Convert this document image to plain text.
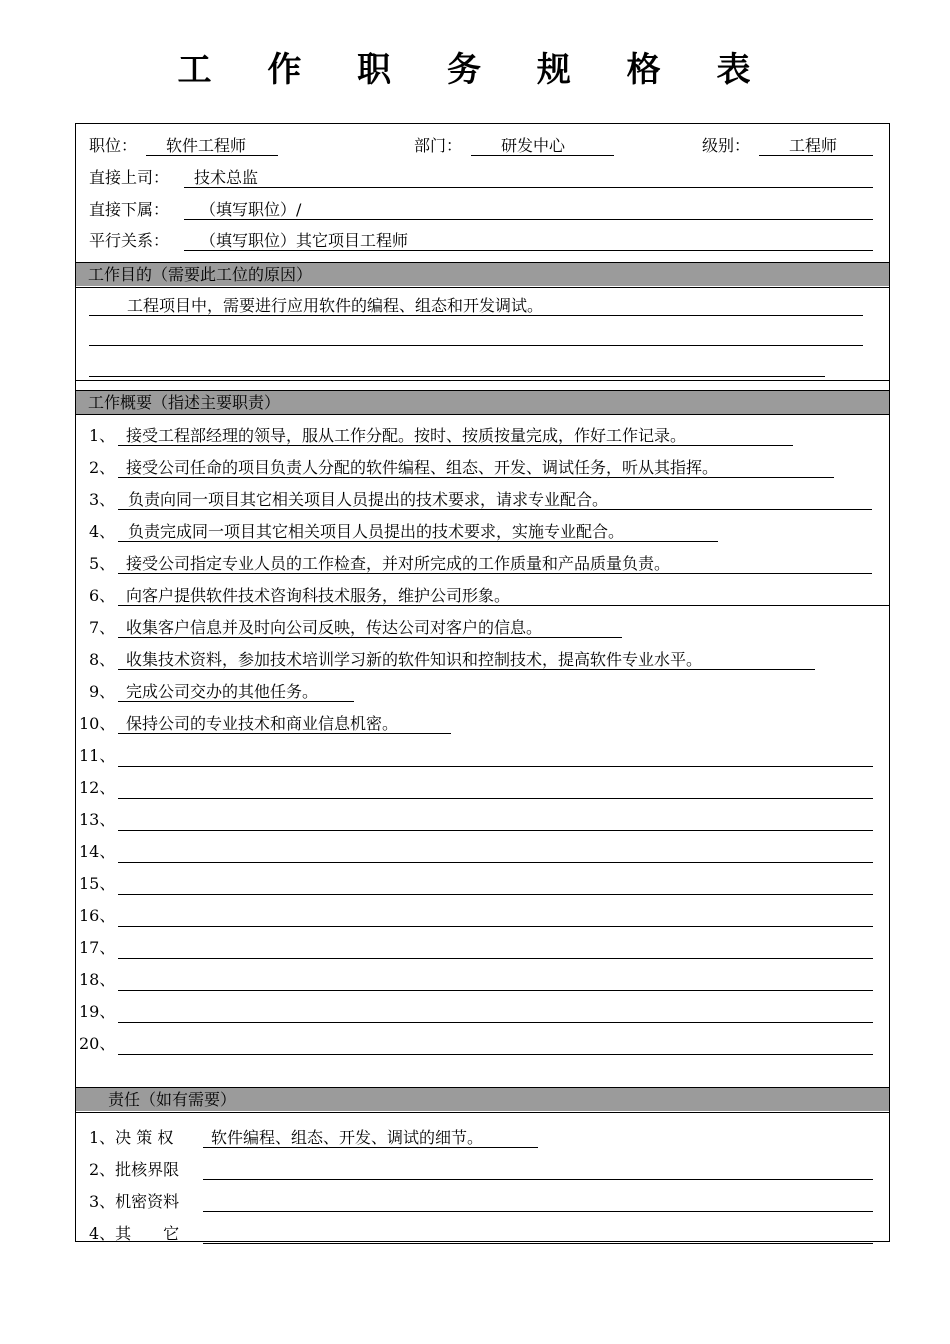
工 作 职 务 规 格 表
职位：	软件工程师	部门：	研发中心	级别：	工程师
直接上司：	技术总监
直接下属：	（填写职位）/
平行关系：	（填写职位）其它项目工程师
工作目的（需要此工位的原因）
工程项目中，需要进行应用软件的编程、组态和开发调试。
工作概要（指述主要职责）
1、 接受工程部经理的领导，服从工作分配。按时、按质按量完成，作好工作记录。
2、 接受公司任命的项目负责人分配的软件编程、组态、开发、调试任务，听从其指挥。
3、 负责向同一项目其它相关项目人员提出的技术要求，请求专业配合。
4、 负责完成同一项目其它相关项目人员提出的技术要求，实施专业配合。
5、 接受公司指定专业人员的工作检查，并对所完成的工作质量和产品质量负责。
6、 向客户提供软件技术咨询科技术服务，维护公司形象。
7、 收集客户信息并及时向公司反映，传达公司对客户的信息。
8、 收集技术资料，参加技术培训学习新的软件知识和控制技术，提高软件专业水平。
9、 完成公司交办的其他任务。
10、 保持公司的专业技术和商业信息机密。
11、
12、
13、
14、
15、
16、
17、
18、
19、
20、
责任（如有需要）
1、决 策 权	软件编程、组态、开发、调试的细节。
2、批核界限
3、机密资料
4、其　　它
